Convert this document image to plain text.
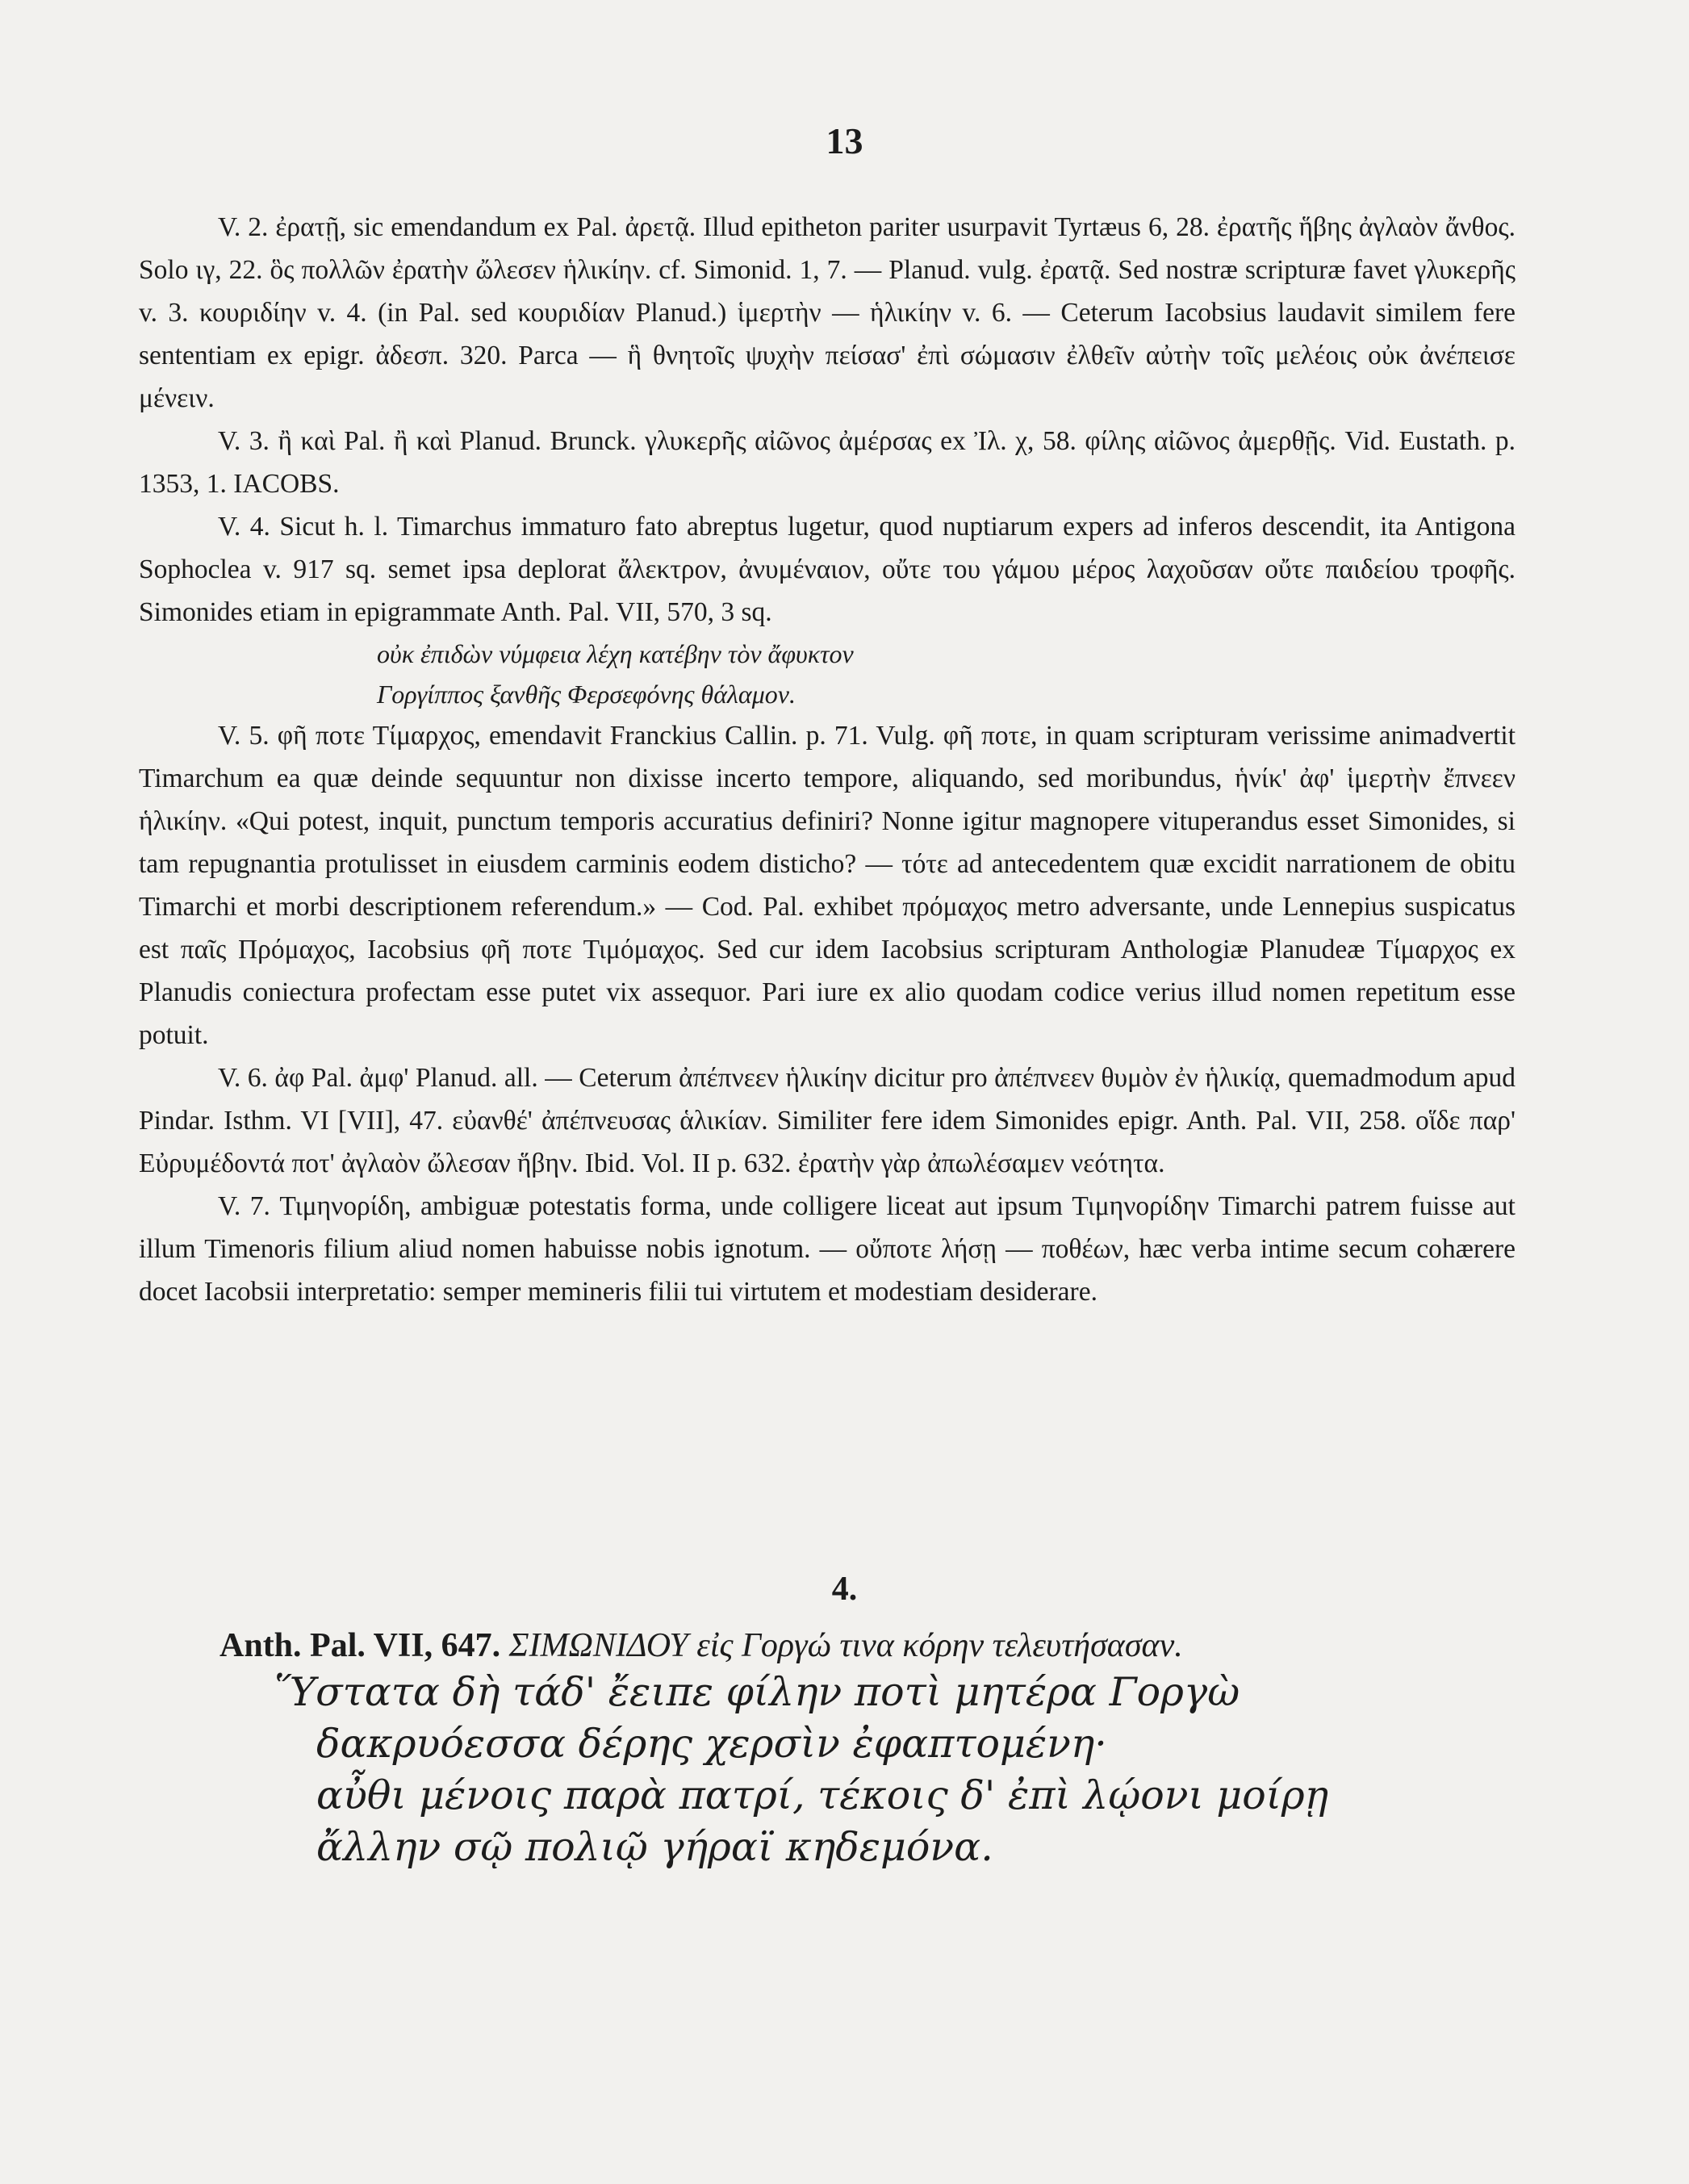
13

V. 2. ἐρατῇ, sic emendandum ex Pal. ἀρετᾷ. Illud epitheton pariter usurpavit Tyrtæus 6, 28. ἐρατῆς ἥβης ἀγλαὸν ἄνθος. Solo ιγ, 22. ὃς πολλῶν ἐρατὴν ὤλεσεν ἡλικίην. cf. Simonid. 1, 7. — Planud. vulg. ἐρατᾷ. Sed nostræ scripturæ favet γλυκερῆς v. 3. κουριδίην v. 4. (in Pal. sed κουριδίαν Planud.) ἱμερτὴν — ἡλικίην v. 6. — Ceterum Iacobsius laudavit similem fere sententiam ex epigr. ἀδεσπ. 320. Parca — ἣ θνητοῖς ψυχὴν πείσασ' ἐπὶ σώμασιν ἐλθεῖν αὐτὴν τοῖς μελέοις οὐκ ἀνέπεισε μένειν.

V. 3. ἢ καὶ Pal. ἢ καὶ Planud. Brunck. γλυκερῆς αἰῶνος ἀμέρσας ex Ἰλ. χ, 58. φίλης αἰῶνος ἀμερθῇς. Vid. Eustath. p. 1353, 1. IACOBS.

V. 4. Sicut h. l. Timarchus immaturo fato abreptus lugetur, quod nuptiarum expers ad inferos descendit, ita Antigona Sophoclea v. 917 sq. semet ipsa deplorat ἄλεκτρον, ἀνυμέναιον, οὔτε του γάμου μέρος λαχοῦσαν οὔτε παιδείου τροφῆς. Simonides etiam in epigrammate Anth. Pal. VII, 570, 3 sq.

οὐκ ἐπιδὼν νύμφεια λέχη κατέβην τὸν ἄφυκτον

Γοργίππος ξανθῆς Φερσεφόνης θάλαμον.

V. 5. φῆ ποτε Τίμαρχος, emendavit Franckius Callin. p. 71. Vulg. φῆ ποτε, in quam scripturam verissime animadvertit Timarchum ea quæ deinde sequuntur non dixisse incerto tempore, aliquando, sed moribundus, ἡνίκ' ἀφ' ἱμερτὴν ἔπνεεν ἡλικίην. «Qui potest, inquit, punctum temporis accuratius definiri? Nonne igitur magnopere vituperandus esset Simonides, si tam repugnantia protulisset in eiusdem carminis eodem disticho? — τότε ad antecedentem quæ excidit narrationem de obitu Timarchi et morbi descriptionem referendum.» — Cod. Pal. exhibet πρόμαχος metro adversante, unde Lennepius suspicatus est παῖς Πρόμαχος, Iacobsius φῆ ποτε Τιμόμαχος. Sed cur idem Iacobsius scripturam Anthologiæ Planudeæ Τίμαρχος ex Planudis coniectura profectam esse putet vix assequor. Pari iure ex alio quodam codice verius illud nomen repetitum esse potuit.

V. 6. ἀφ Pal. ἀμφ' Planud. all. — Ceterum ἀπέπνεεν ἡλικίην dicitur pro ἀπέπνεεν θυμὸν ἐν ἡλικίᾳ, quemadmodum apud Pindar. Isthm. VI [VII], 47. εὐανθέ' ἀπέπνευσας ἁλικίαν. Similiter fere idem Simonides epigr. Anth. Pal. VII, 258. οἵδε παρ' Εὐρυμέδοντά ποτ' ἀγλαὸν ὤλεσαν ἥβην. Ibid. Vol. II p. 632. ἐρατὴν γὰρ ἀπωλέσαμεν νεότητα.

V. 7. Τιμηνορίδη, ambiguæ potestatis forma, unde colligere liceat aut ipsum Τιμηνορίδην Timarchi patrem fuisse aut illum Timenoris filium aliud nomen habuisse nobis ignotum. — οὔποτε λήσῃ — ποθέων, hæc verba intime secum cohærere docet Iacobsii interpretatio: semper memineris filii tui virtutem et modestiam desiderare.

4.
Anth. Pal. VII, 647. ΣΙΜΩΝΙΔΟΥ εἰς Γοργώ τινα κόρην τελευτήσασαν.
Ὕστατα δὴ τάδ' ἔειπε φίλην ποτὶ μητέρα Γοργὼ
δακρυόεσσα δέρης χερσὶν ἐφαπτομένη·
αὖθι μένοις παρὰ πατρί, τέκοις δ' ἐπὶ λῴονι μοίρῃ
ἄλλην σῷ πολιῷ γήραϊ κηδεμόνα.
